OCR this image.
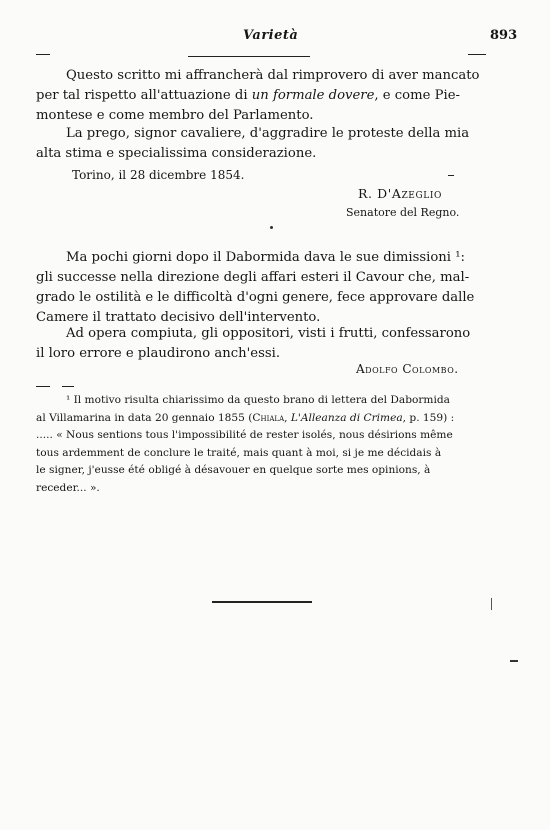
Varietà	893
Questo scritto mi affrancherà dal rimprovero di aver mancato
per tal rispetto all'attuazione di un formale dovere, e come Pie-
montese e come membro del Parlamento.
La prego, signor cavaliere, d'aggradire le proteste della mia
alta stima e specialissima considerazione.
Torino, il 28 dicembre 1854.
R. D'Azeglio
Senatore del Regno.
Ma pochi giorni dopo il Dabormida dava le sue dimissioni ¹:
gli successe nella direzione degli affari esteri il Cavour che, mal-
grado le ostilità e le difficoltà d'ogni genere, fece approvare dalle
Camere il trattato decisivo dell'intervento.
Ad opera compiuta, gli oppositori, visti i frutti, confessarono
il loro errore e plaudirono anch'essi.
Adolfo Colombo.
¹ Il motivo risulta chiarissimo da questo brano di lettera del Dabormida
al Villamarina in data 20 gennaio 1855 (Chiala, L'Alleanza di Crimea, p. 159) :
..... « Nous sentions tous l'impossibilité de rester isolés, nous désirions même
tous ardemment de conclure le traité, mais quant à moi, si je me décidais à
le signer, j'eusse été obligé à désavouer en quelque sorte mes opinions, à
receder... ».
